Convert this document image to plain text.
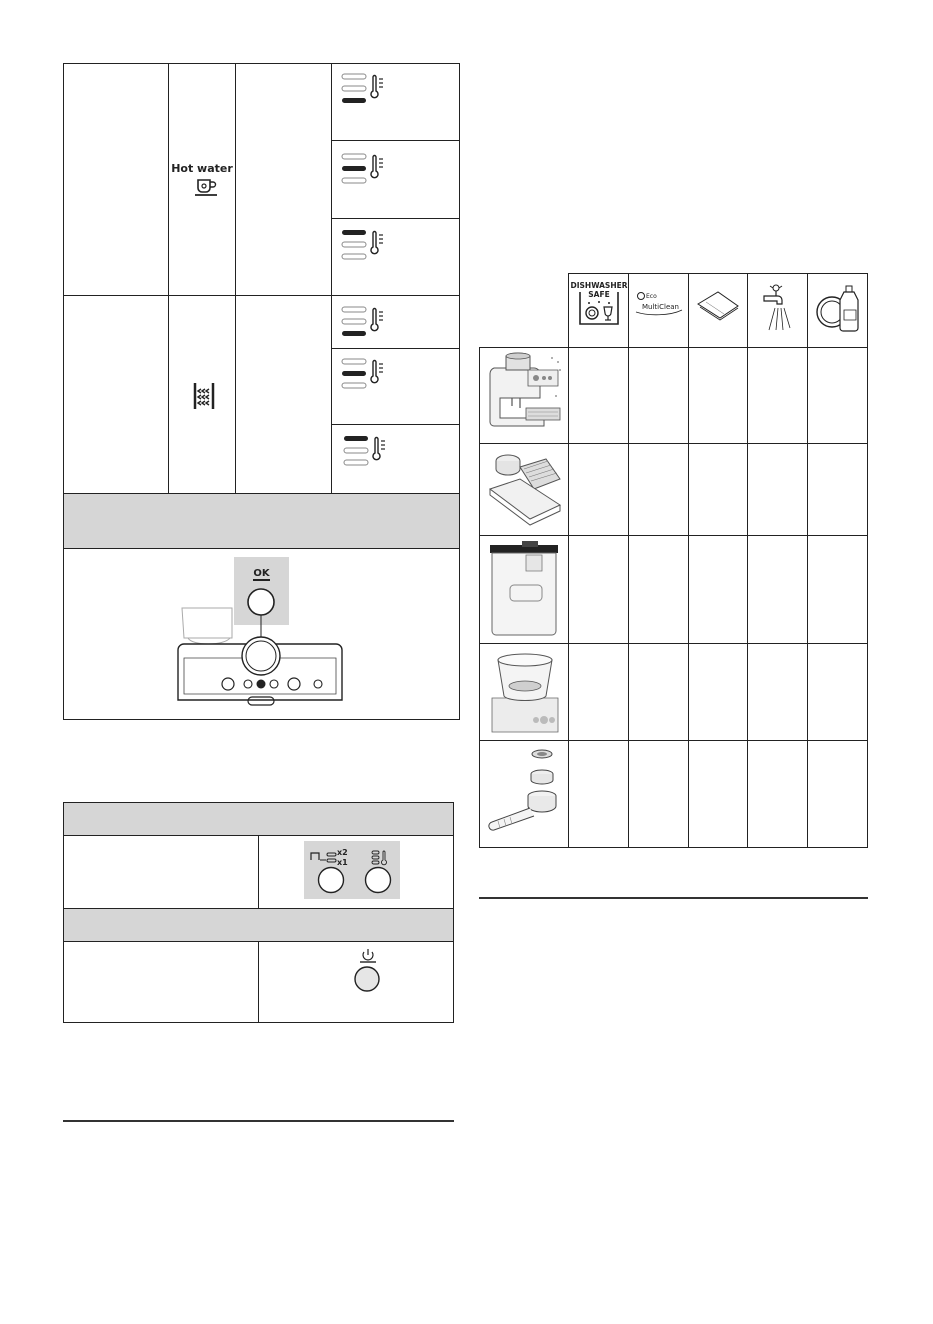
Hot water
OK
x2
x1
DISHWASHER
SAFE	Eco
MultiClean
